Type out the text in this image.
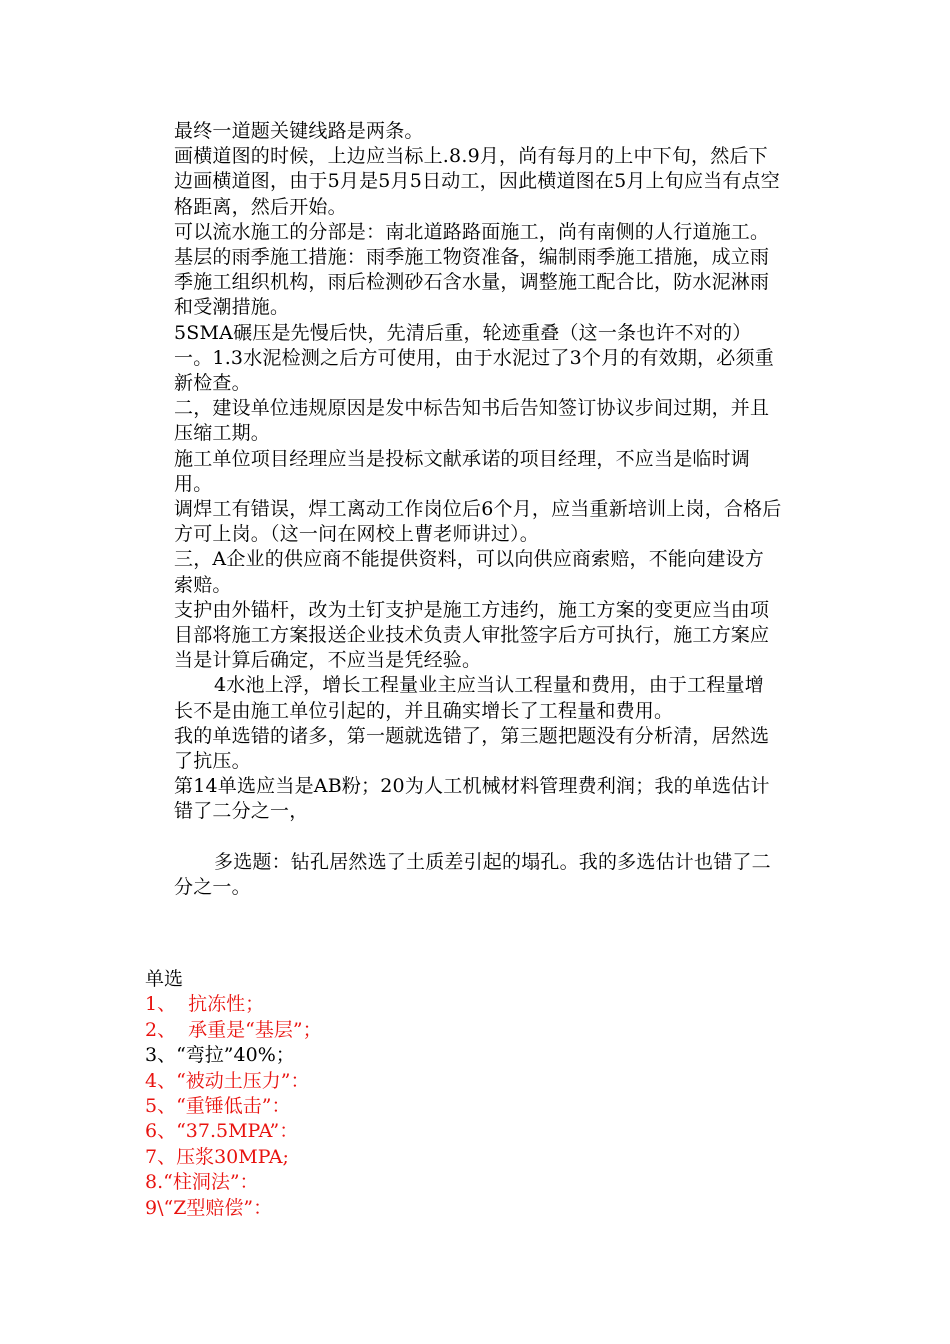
最终一道题关键线路是两条。

画横道图的时候，上边应当标上.8.9月，尚有每月的上中下旬，然后下边画横道图，由于5月是5月5日动工，因此横道图在5月上旬应当有点空格距离，然后开始。

可以流水施工的分部是：南北道路路面施工，尚有南侧的人行道施工。

基层的雨季施工措施：雨季施工物资准备，编制雨季施工措施，成立雨季施工组织机构，雨后检测砂石含水量，调整施工配合比，防水泥淋雨和受潮措施。

5SMA碾压是先慢后快，先清后重，轮迹重叠（这一条也许不对的）

一。1.3水泥检测之后方可使用，由于水泥过了3个月的有效期，必须重新检查。

二，建设单位违规原因是发中标告知书后告知签订协议步间过期，并且压缩工期。

施工单位项目经理应当是投标文献承诺的项目经理，不应当是临时调用。

调焊工有错误，焊工离动工作岗位后6个月，应当重新培训上岗，合格后方可上岗。（这一问在网校上曹老师讲过）。

三，A企业的供应商不能提供资料，可以向供应商索赔，不能向建设方索赔。

支护由外锚杆，改为土钉支护是施工方违约，施工方案的变更应当由项目部将施工方案报送企业技术负责人审批签字后方可执行，施工方案应当是计算后确定，不应当是凭经验。

4水池上浮，增长工程量业主应当认工程量和费用，由于工程量增长不是由施工单位引起的，并且确实增长了工程量和费用。

我的单选错的诸多，第一题就选错了，第三题把题没有分析清，居然选了抗压。

第14单选应当是AB粉；20为人工机械材料管理费利润；我的单选估计错了二分之一，

多选题：钻孔居然选了土质差引起的塌孔。我的多选估计也错了二分之一。

单选

1、  抗冻性；

2、  承重是“基层”；

3、“弯拉”40%；

4、“被动土压力”：

5、“重锤低击”：

6、“37.5MPA”：

7、压浆30MPA;

8.“柱洞法”：

9\“Z型赔偿”：
